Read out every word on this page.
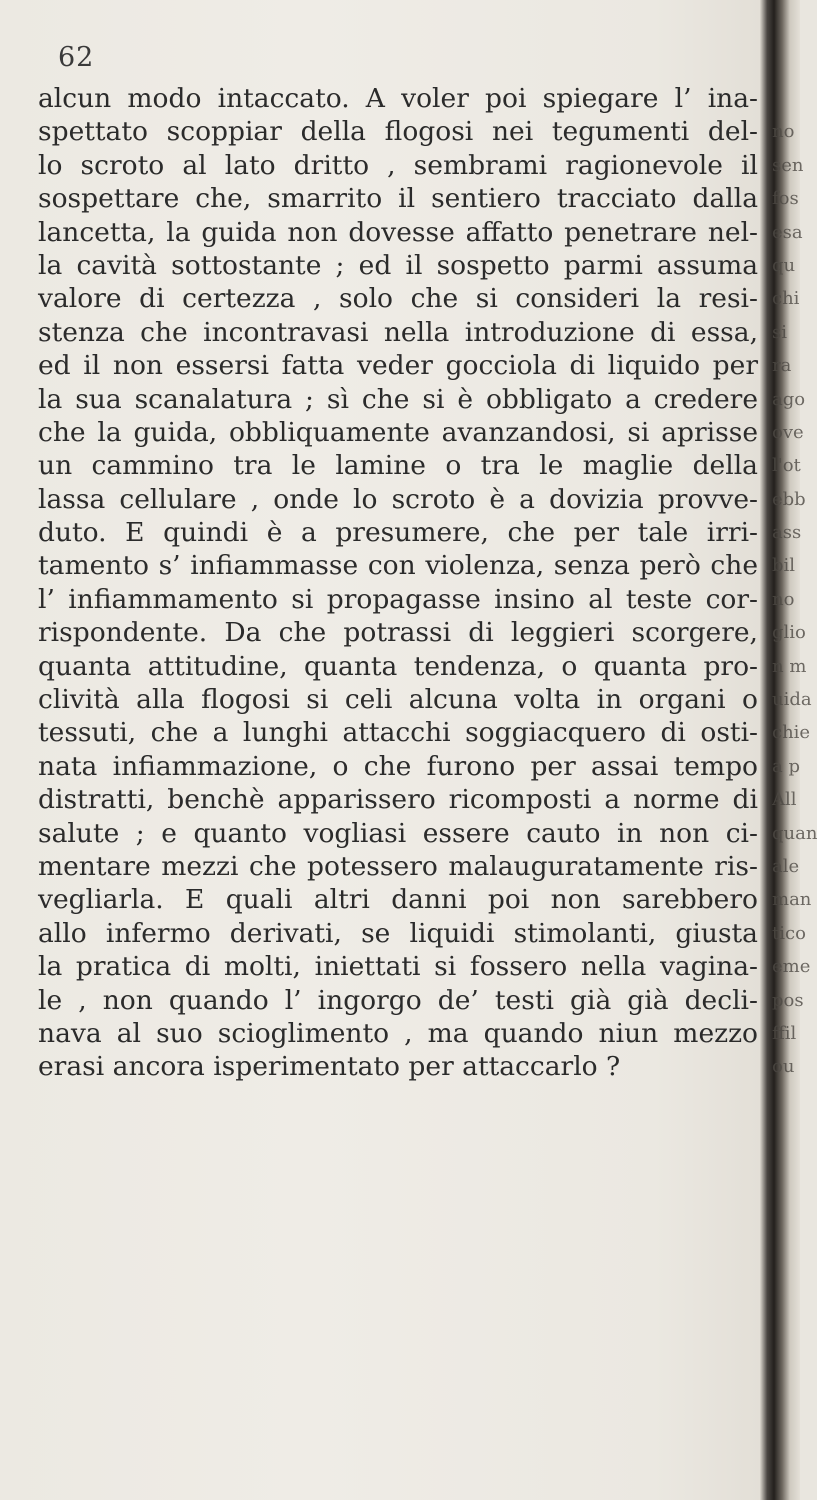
62
alcun modo intaccato. A voler poi spiegare l’ ina-
spettato scoppiar della flogosi nei tegumenti del-
lo scroto al lato dritto , sembrami ragionevole il
sospettare che, smarrito il sentiero tracciato dalla
lancetta, la guida non dovesse affatto penetrare nel-
la cavità sottostante ; ed il sospetto parmi assuma
valore di certezza , solo che si consideri la resi-
stenza che incontravasi nella introduzione di essa,
ed il non essersi fatta veder gocciola di liquido per
la sua scanalatura ; sì che si è obbligato a credere
che la guida, obbliquamente avanzandosi, si aprisse
un cammino tra le lamine o tra le maglie della
lassa cellulare , onde lo scroto è a dovizia provve-
duto. E quindi è a presumere, che per tale irri-
tamento s’ infiammasse con violenza, senza però che
l’ infiammamento si propagasse insino al teste cor-
rispondente. Da che potrassi di leggieri scorgere,
quanta attitudine, quanta tendenza, o quanta pro-
clività alla flogosi si celi alcuna volta in organi o
tessuti, che a lunghi attacchi soggiacquero di osti-
nata infiammazione, o che furono per assai tempo
distratti, benchè apparissero ricomposti a norme di
salute ; e quanto vogliasi essere cauto in non ci-
mentare mezzi che potessero malauguratamente ris-
vegliarla. E quali altri danni poi non sarebbero
allo infermo derivati, se liquidi stimolanti, giusta
la pratica di molti, iniettati si fossero nella vagina-
le , non quando l’ ingorgo de’ testi già già decli-
nava al suo scioglimento , ma quando niun mezzo
erasi ancora isperimentato per attaccarlo ?
no
sen
fos
esa
qu
chi
si
ra
ago
ove
l'ot
ebb
ass
bil
no
glio
n m
uida
chie
a p
All
quan
ale
man
tico
eme
pos
ffil
ou
